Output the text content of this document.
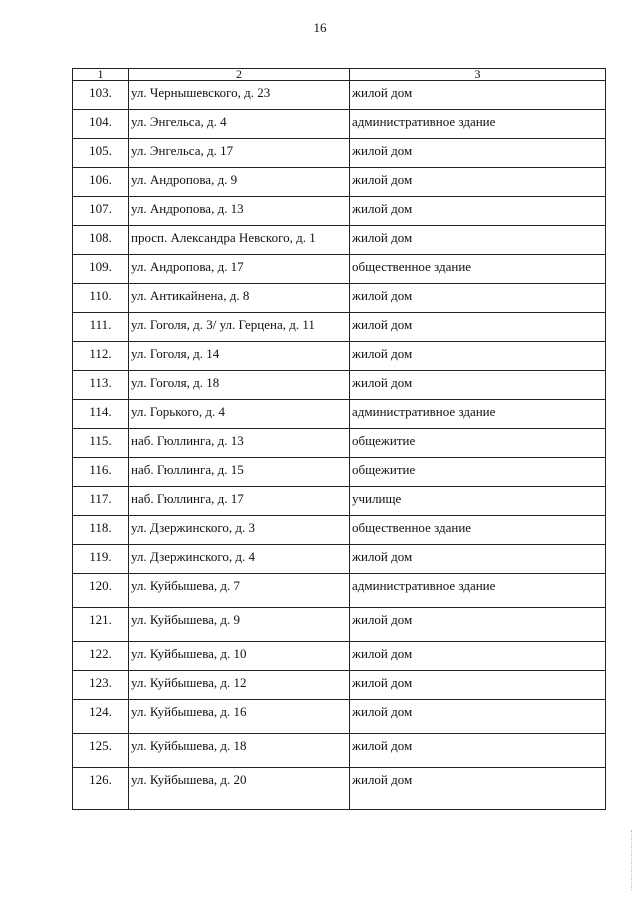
16
1	2	3
103.	ул. Чернышевского, д. 23	жилой дом
104.	ул. Энгельса, д. 4	административное здание
105.	ул. Энгельса, д. 17	жилой дом
106.	ул. Андропова, д. 9	жилой дом
107.	ул. Андропова, д. 13	жилой дом
108.	просп. Александра Невского, д. 1	жилой дом
109.	ул. Андропова, д. 17	общественное здание
110.	ул. Антикайнена, д. 8	жилой дом
111.	ул. Гоголя, д. 3/ ул. Герцена, д. 11	жилой дом
112.	ул. Гоголя, д. 14	жилой дом
113.	ул. Гоголя, д. 18	жилой дом
114.	ул. Горького, д. 4	административное здание
115.	наб. Гюллинга, д. 13	общежитие
116.	наб. Гюллинга, д. 15	общежитие
117.	наб. Гюллинга, д. 17	училище
118.	ул. Дзержинского, д. 3	общественное здание
119.	ул. Дзержинского, д. 4	жилой дом
120.	ул. Куйбышева, д. 7	административное здание
121.	ул. Куйбышева, д. 9	жилой дом
122.	ул. Куйбышева, д. 10	жилой дом
123.	ул. Куйбышева, д. 12	жилой дом
124.	ул. Куйбышева, д. 16	жилой дом
125.	ул. Куйбышева, д. 18	жилой дом
126.	ул. Куйбышева, д. 20	жилой дом
